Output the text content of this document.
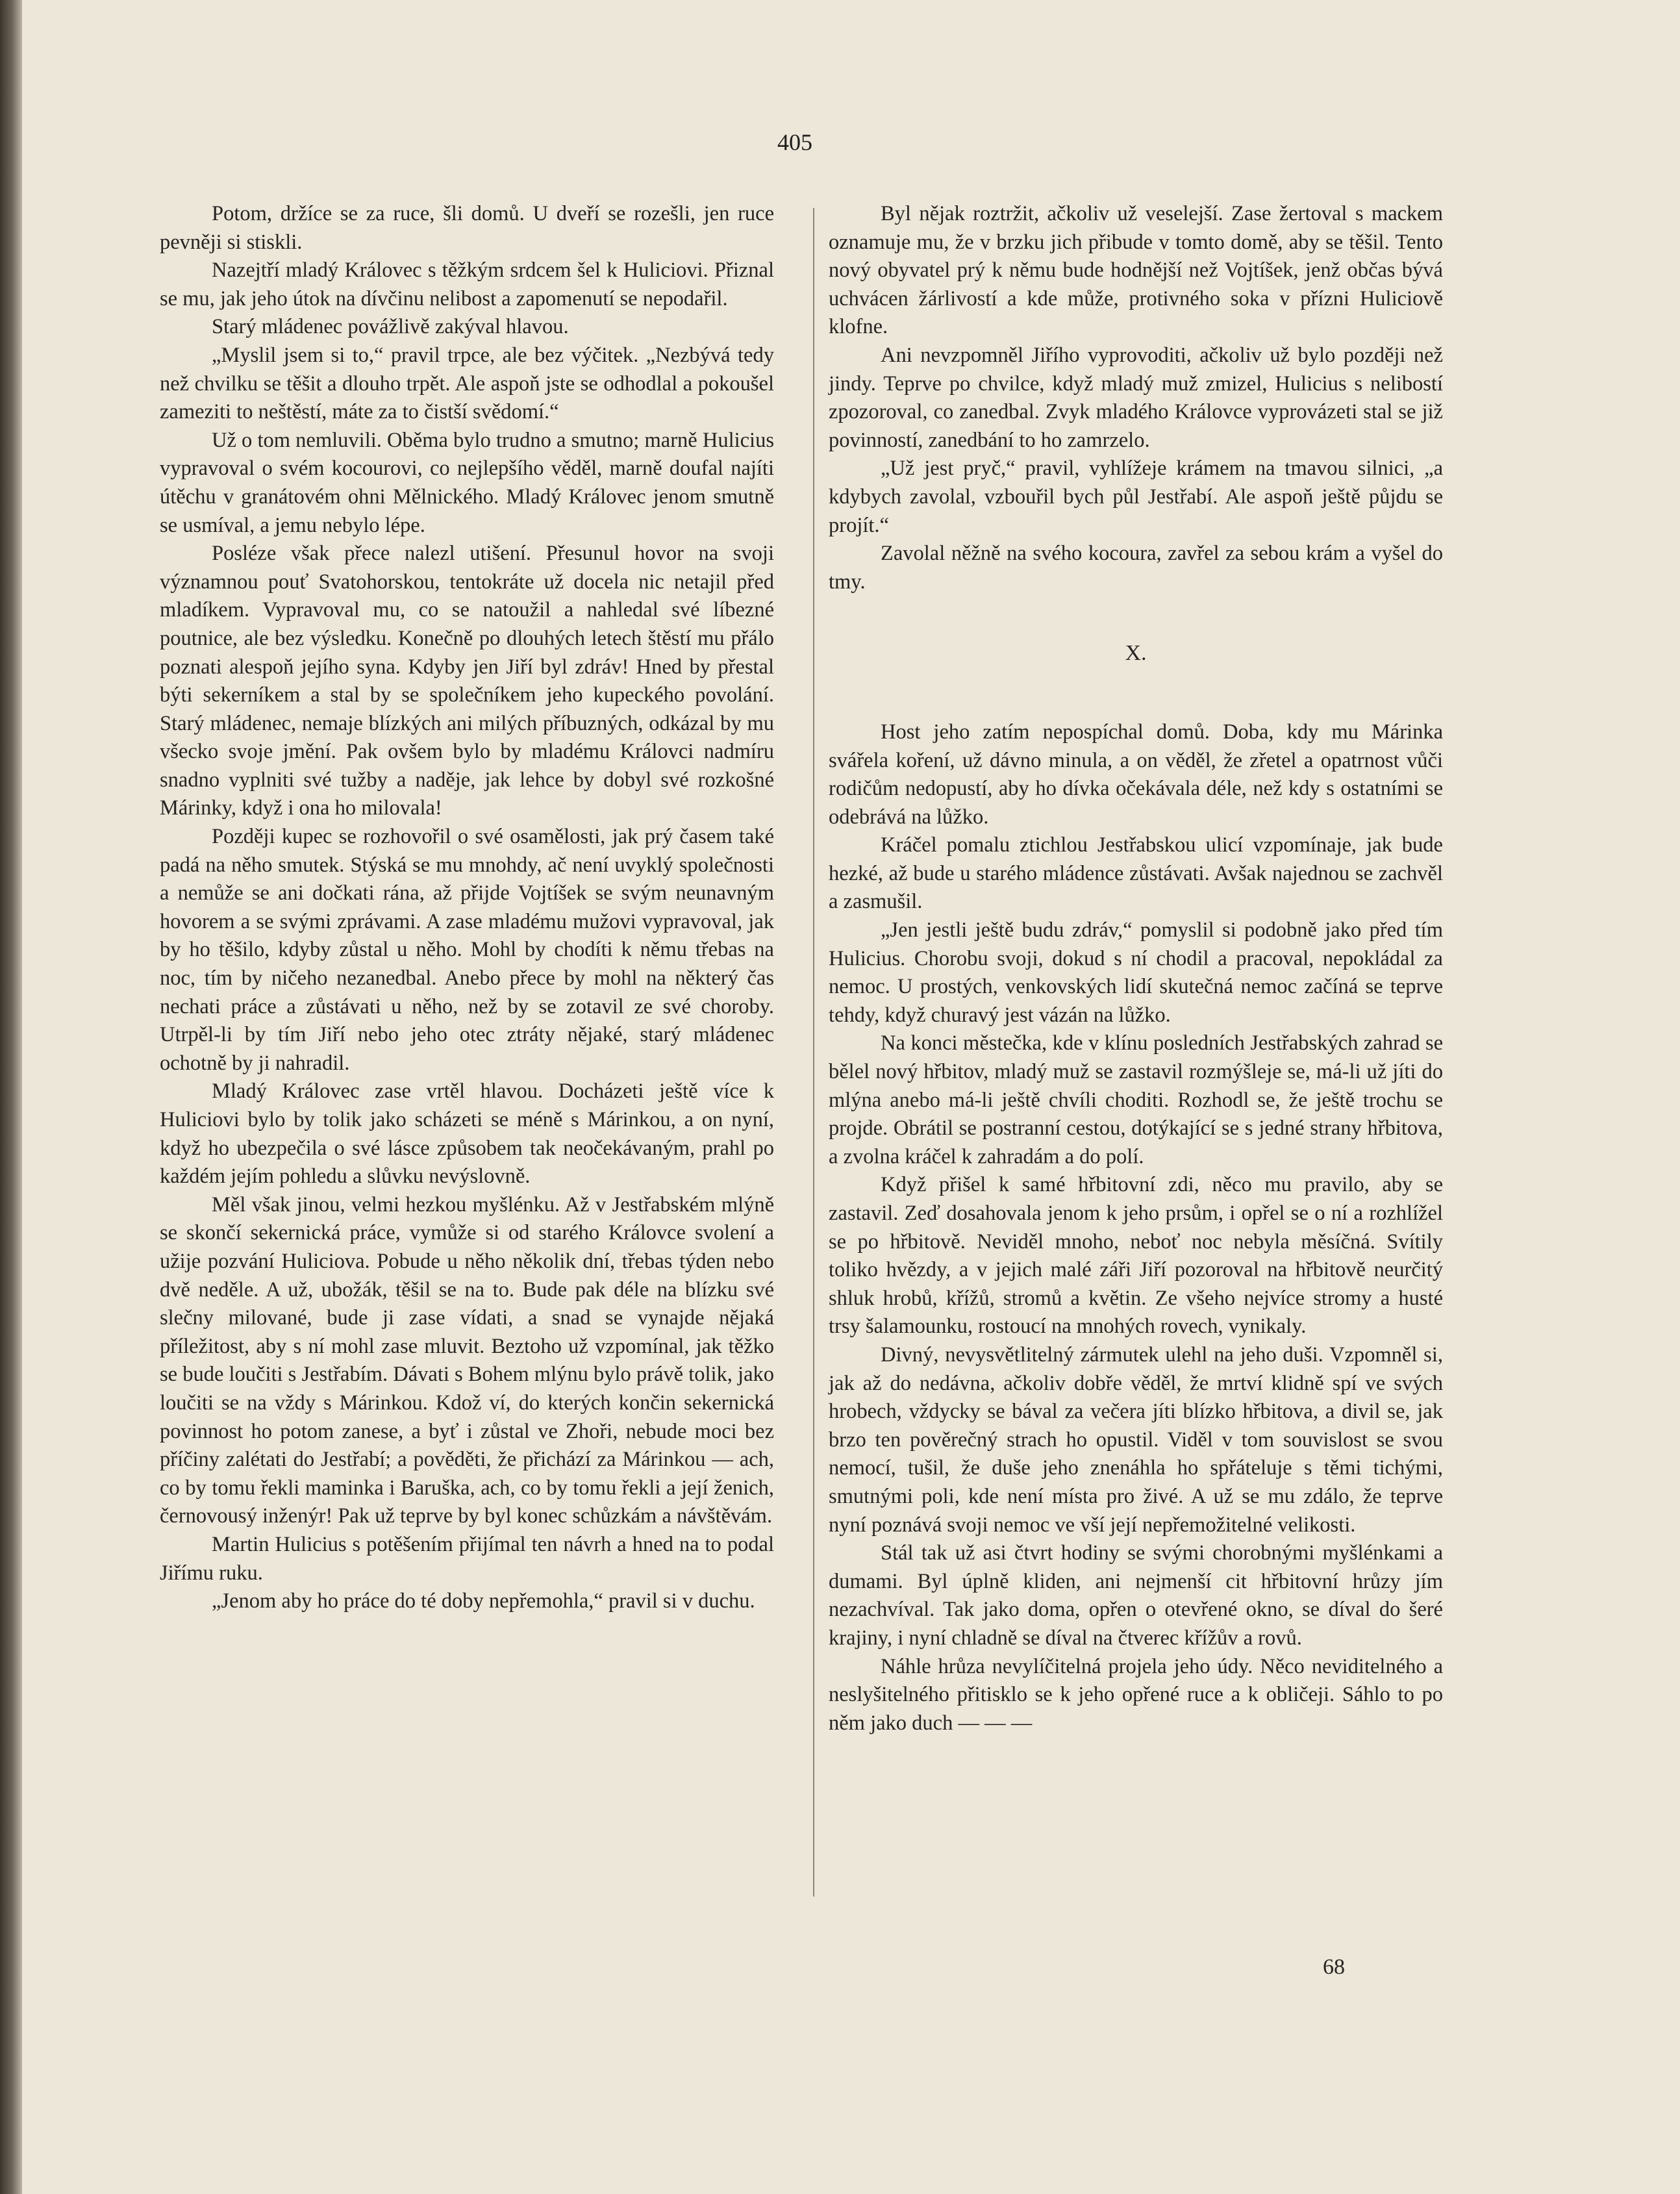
405

Potom, držíce se za ruce, šli domů. U dveří se rozešli, jen ruce pevněji si stiskli.

Nazejtří mladý Královec s těžkým srdcem šel k Huliciovi. Přiznal se mu, jak jeho útok na dívčinu nelibost a zapomenutí se nepodařil.

Starý mládenec povážlivě zakýval hlavou.

„Myslil jsem si to,“ pravil trpce, ale bez výčitek. „Nezbývá tedy než chvilku se těšit a dlouho trpět. Ale aspoň jste se odhodlal a pokoušel zameziti to neštěstí, máte za to čistší svědomí.“

Už o tom nemluvili. Oběma bylo trudno a smutno; marně Hulicius vypravoval o svém kocourovi, co nejlepšího věděl, marně doufal najíti útěchu v granátovém ohni Mělnického. Mladý Královec jenom smutně se usmíval, a jemu nebylo lépe.

Posléze však přece nalezl utišení. Přesunul hovor na svoji významnou pouť Svatohorskou, tentokráte už docela nic netajil před mladíkem. Vypravoval mu, co se natoužil a nahledal své líbezné poutnice, ale bez výsledku. Konečně po dlouhých letech štěstí mu přálo poznati alespoň jejího syna. Kdyby jen Jiří byl zdráv! Hned by přestal býti sekerníkem a stal by se společníkem jeho kupeckého povolání. Starý mládenec, nemaje blízkých ani milých příbuzných, odkázal by mu všecko svoje jmění. Pak ovšem bylo by mladému Královci nadmíru snadno vyplniti své tužby a naděje, jak lehce by dobyl své rozkošné Márinky, když i ona ho milovala!

Později kupec se rozhovořil o své osamělosti, jak prý časem také padá na něho smutek. Stýská se mu mnohdy, ač není uvyklý společnosti a nemůže se ani dočkati rána, až přijde Vojtíšek se svým neunavným hovorem a se svými zprávami. A zase mladému mužovi vypravoval, jak by ho těšilo, kdyby zůstal u něho. Mohl by chodíti k němu třebas na noc, tím by ničeho nezanedbal. Anebo přece by mohl na některý čas nechati práce a zůstávati u něho, než by se zotavil ze své choroby. Utrpěl-li by tím Jiří nebo jeho otec ztráty nějaké, starý mládenec ochotně by ji nahradil.

Mladý Královec zase vrtěl hlavou. Docházeti ještě více k Huliciovi bylo by tolik jako scházeti se méně s Márinkou, a on nyní, když ho ubezpečila o své lásce způsobem tak neočekávaným, prahl po každém jejím pohledu a slůvku nevýslovně.

Měl však jinou, velmi hezkou myšlénku. Až v Jestřabském mlýně se skončí sekernická práce, vymůže si od starého Královce svolení a užije pozvání Huliciova. Pobude u něho několik dní, třebas týden nebo dvě neděle. A už, ubožák, těšil se na to. Bude pak déle na blízku své slečny milované, bude ji zase vídati, a snad se vynajde nějaká příležitost, aby s ní mohl zase mluvit. Beztoho už vzpomínal, jak těžko se bude loučiti s Jestřabím. Dávati s Bohem mlýnu bylo právě tolik, jako loučiti se na vždy s Márinkou. Kdož ví, do kterých končin sekernická povinnost ho potom zanese, a byť i zůstal ve Zhoři, nebude moci bez příčiny zalétati do Jestřabí; a pověděti, že přichází za Márinkou — ach, co by tomu řekli maminka i Baruška, ach, co by tomu řekli a její ženich, černovousý inženýr! Pak už teprve by byl konec schůzkám a návštěvám.

Martin Hulicius s potěšením přijímal ten návrh a hned na to podal Jiřímu ruku.

„Jenom aby ho práce do té doby nepřemohla,“ pravil si v duchu.

Byl nějak roztržit, ačkoliv už veselejší. Zase žertoval s mackem oznamuje mu, že v brzku jich přibude v tomto domě, aby se těšil. Tento nový obyvatel prý k němu bude hodnější než Vojtíšek, jenž občas bývá uchvácen žárlivostí a kde může, protivného soka v přízni Huliciově klofne.

Ani nevzpomněl Jiřího vyprovoditi, ačkoliv už bylo později než jindy. Teprve po chvilce, když mladý muž zmizel, Hulicius s nelibostí zpozoroval, co zanedbal. Zvyk mladého Královce vyprovázeti stal se již povinností, zanedbání to ho zamrzelo.

„Už jest pryč,“ pravil, vyhlížeje krámem na tmavou silnici, „a kdybych zavolal, vzbouřil bych půl Jestřabí. Ale aspoň ještě půjdu se projít.“

Zavolal něžně na svého kocoura, zavřel za sebou krám a vyšel do tmy.

X.

Host jeho zatím nepospíchal domů. Doba, kdy mu Márinka svářela koření, už dávno minula, a on věděl, že zřetel a opatrnost vůči rodičům nedopustí, aby ho dívka očekávala déle, než kdy s ostatními se odebrává na lůžko.

Kráčel pomalu ztichlou Jestřabskou ulicí vzpomínaje, jak bude hezké, až bude u starého mládence zůstávati. Avšak najednou se zachvěl a zasmušil.

„Jen jestli ještě budu zdráv,“ pomyslil si podobně jako před tím Hulicius. Chorobu svoji, dokud s ní chodil a pracoval, nepokládal za nemoc. U prostých, venkovských lidí skutečná nemoc začíná se teprve tehdy, když churavý jest vázán na lůžko.

Na konci městečka, kde v klínu posledních Jestřabských zahrad se bělel nový hřbitov, mladý muž se zastavil rozmýšleje se, má-li už jíti do mlýna anebo má-li ještě chvíli choditi. Rozhodl se, že ještě trochu se projde. Obrátil se postranní cestou, dotýkající se s jedné strany hřbitova, a zvolna kráčel k zahradám a do polí.

Když přišel k samé hřbitovní zdi, něco mu pravilo, aby se zastavil. Zeď dosahovala jenom k jeho prsům, i opřel se o ní a rozhlížel se po hřbitově. Neviděl mnoho, neboť noc nebyla měsíčná. Svítily toliko hvězdy, a v jejich malé záři Jiří pozoroval na hřbitově neurčitý shluk hrobů, křížů, stromů a květin. Ze všeho nejvíce stromy a husté trsy šalamounku, rostoucí na mnohých rovech, vynikaly.

Divný, nevysvětlitelný zármutek ulehl na jeho duši. Vzpomněl si, jak až do nedávna, ačkoliv dobře věděl, že mrtví klidně spí ve svých hrobech, vždycky se bával za večera jíti blízko hřbitova, a divil se, jak brzo ten pověrečný strach ho opustil. Viděl v tom souvislost se svou nemocí, tušil, že duše jeho znenáhla ho spřáteluje s těmi tichými, smutnými poli, kde není místa pro živé. A už se mu zdálo, že teprve nyní poznává svoji nemoc ve vší její nepřemožitelné velikosti.

Stál tak už asi čtvrt hodiny se svými chorobnými myšlénkami a dumami. Byl úplně kliden, ani nejmenší cit hřbitovní hrůzy jím nezachvíval. Tak jako doma, opřen o otevřené okno, se díval do šeré krajiny, i nyní chladně se díval na čtverec křížův a rovů.

Náhle hrůza nevylíčitelná projela jeho údy. Něco neviditelného a neslyšitelného přitisklo se k jeho opřené ruce a k obličeji. Sáhlo to po něm jako duch — — —

68
